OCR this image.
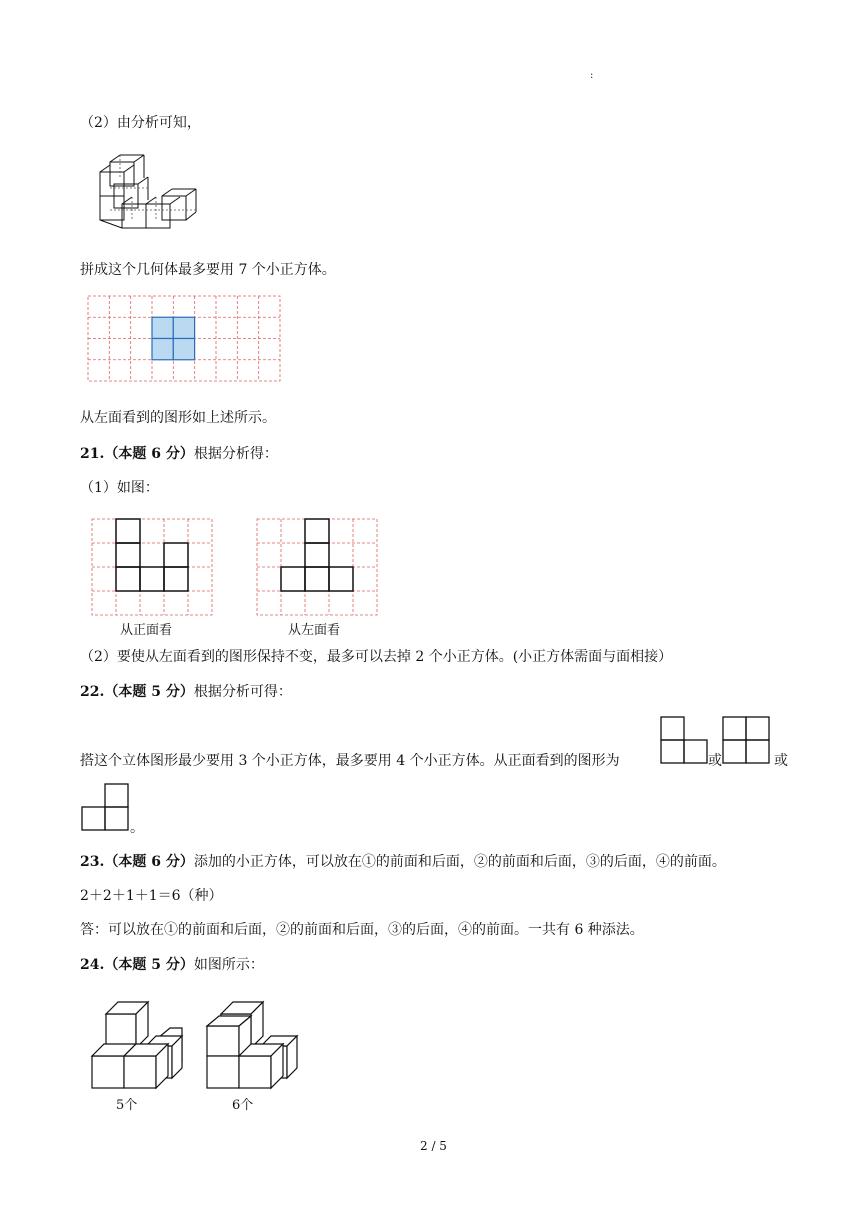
:
（2）由分析可知，
拼成这个几何体最多要用 7 个小正方体。
从左面看到的图形如上述所示。
21.（本题 6 分）根据分析得：
（1）如图：
从正面看	从左面看
（2）要使从左面看到的图形保持不变，最多可以去掉 2 个小正方体。(小正方体需面与面相接）
22.（本题 5 分）根据分析可得：
搭这个立体图形最少要用 3 个小正方体，最多要用 4 个小正方体。从正面看到的图形为	或	或
。
23.（本题 6 分）添加的小正方体，可以放在①的前面和后面，②的前面和后面，③的后面，④的前面。
2＋2＋1＋1＝6（种）
答：可以放在①的前面和后面，②的前面和后面，③的后面，④的前面。一共有 6 种添法。
24.（本题 5 分）如图所示：
5个	6个
2 / 5
